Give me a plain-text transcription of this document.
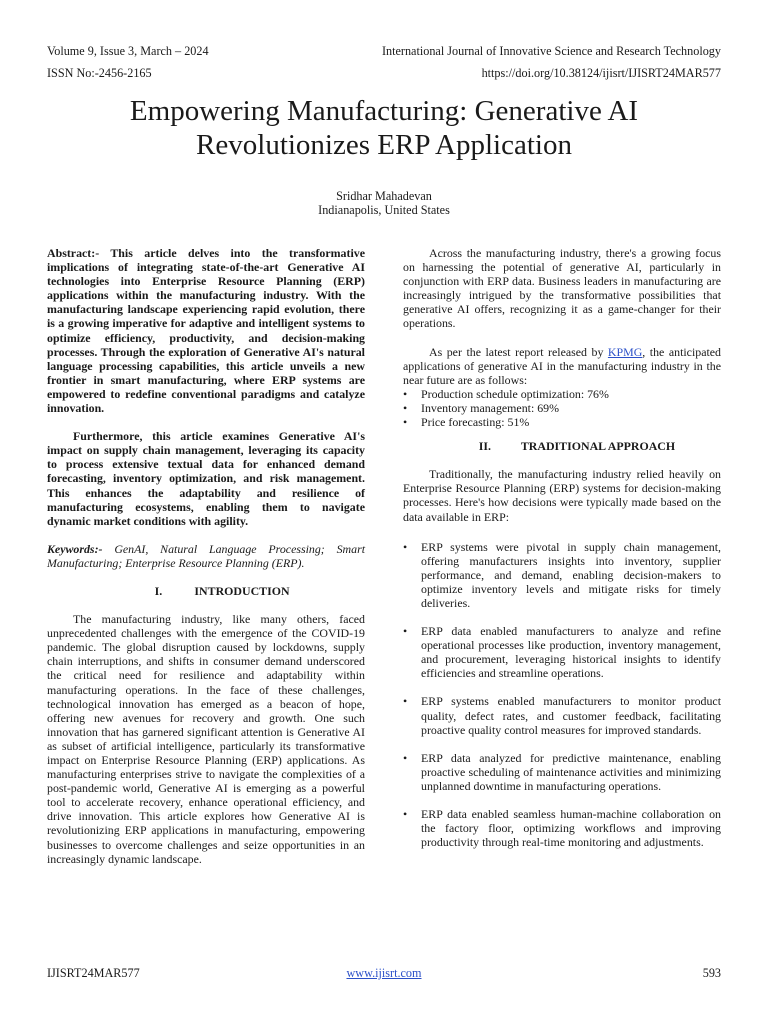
Volume 9, Issue 3, March – 2024
ISSN No:-2456-2165
International Journal of Innovative Science and Research Technology
https://doi.org/10.38124/ijisrt/IJISRT24MAR577
Empowering Manufacturing: Generative AI
Revolutionizes ERP Application
Sridhar Mahadevan
Indianapolis, United States

Abstract:- This article delves into the transformative implications of integrating state-of-the-art Generative AI technologies into Enterprise Resource Planning (ERP) applications within the manufacturing industry. With the manufacturing landscape experiencing rapid evolution, there is a growing imperative for adaptive and intelligent systems to optimize efficiency, productivity, and decision-making processes. Through the exploration of Generative AI's natural language processing capabilities, this article unveils a new frontier in smart manufacturing, where ERP systems are empowered to redefine conventional paradigms and catalyze innovation.

Furthermore, this article examines Generative AI's impact on supply chain management, leveraging its capacity to process extensive textual data for enhanced demand forecasting, inventory optimization, and risk management. This enhances the adaptability and resilience of manufacturing ecosystems, enabling them to navigate dynamic market conditions with agility.

Keywords:- GenAI, Natural Language Processing; Smart Manufacturing; Enterprise Resource Planning (ERP).

I.	INTRODUCTION

The manufacturing industry, like many others, faced unprecedented challenges with the emergence of the COVID-19 pandemic. The global disruption caused by lockdowns, supply chain interruptions, and shifts in consumer demand underscored the critical need for resilience and adaptability within manufacturing operations. In the face of these challenges, technological innovation has emerged as a beacon of hope, offering new avenues for recovery and growth. One such innovation that has garnered significant attention is Generative AI as subset of artificial intelligence, particularly its transformative impact on Enterprise Resource Planning (ERP) applications. As manufacturing enterprises strive to navigate the complexities of a post-pandemic world, Generative AI is emerging as a powerful tool to accelerate recovery, enhance operational efficiency, and drive innovation. This article explores how Generative AI is revolutionizing ERP applications in manufacturing, empowering businesses to overcome challenges and seize opportunities in an increasingly dynamic landscape.

Across the manufacturing industry, there's a growing focus on harnessing the potential of generative AI, particularly in conjunction with ERP data. Business leaders in manufacturing are increasingly intrigued by the transformative possibilities that generative AI offers, recognizing it as a game-changer for their operations.

As per the latest report released by KPMG, the anticipated applications of generative AI in the manufacturing industry in the near future are as follows:

• Production schedule optimization: 76%
• Inventory management: 69%
• Price forecasting: 51%

II.	TRADITIONAL APPROACH

Traditionally, the manufacturing industry relied heavily on Enterprise Resource Planning (ERP) systems for decision-making processes. Here's how decisions were typically made based on the data available in ERP:

• ERP systems were pivotal in supply chain management, offering manufacturers insights into inventory, supplier performance, and demand, enabling decision-makers to optimize inventory levels and mitigate risks for timely deliveries.
• ERP data enabled manufacturers to analyze and refine operational processes like production, inventory management, and procurement, leveraging historical insights to identify efficiencies and streamline operations.
• ERP systems enabled manufacturers to monitor product quality, defect rates, and customer feedback, facilitating proactive quality control measures for improved standards.
• ERP data analyzed for predictive maintenance, enabling proactive scheduling of maintenance activities and minimizing unplanned downtime in manufacturing operations.
• ERP data enabled seamless human-machine collaboration on the factory floor, optimizing workflows and improving productivity through real-time monitoring and adjustments.
IJISRT24MAR577	www.ijisrt.com	593
